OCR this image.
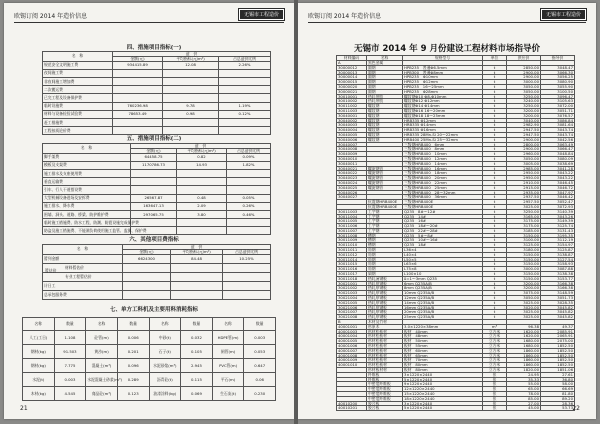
欧锡订阅 2014 年造价信息	无锡市工程造价
四、措施项目指标(一)
名　称	造　价		
	金额(元)	平均指标(元/m²)	占总造价比例
规范安全文明施工费	934415.89	12.08	2.26%
夜间施工费			
非夜间施工增加费			
二次搬运费			
已完工程及设备保护费			
临时设施费	760236.98	9.78	1.19%
材料与设备检验试验费	78653.49	0.98	0.12%
赶工措施费			
工程按质论价费			
五、措施项目指标(二)
名　称	造　价		
	金额(元)	平均指标(元/m²)	占总造价比例
脚手架费	64458.75	0.82	0.09%
模板及支架费	1170786.73	14.93	1.82%
施工排水及支座使用费			
垂直运输费			
引车、行人干道搭设费			
大型机械设备进场及安拆费	26567.87	0.48	0.05%
施工排水、降水费	163647.13	2.09	0.26%
围墙、洞头、道路、桥梁、防护维护费	297065.75	3.80	0.46%
临时施工措施费、防水工程，防潮、防裂设施完成保护费			
防盗及施工措施费、不能满负荷使用施工监管、监测、保护费			
六、其他项目费指标
名　称	造　价		
	金额(元)	平均指标(元/m²)	占总造价比例
暂列金额	6624300	84.48	10.25%
材料暂估价			
专业工程暂估价			
计日工			
总承包服务费			
七、单方工料机及主要用料消耗指标
名称	数量	名称	数量	名称	数量	名称	数量
人工(工日)	1.108	砼管(m)	0.006	中砂(t)	0.032	HDPE管(m)	0.003
钢材(kg)	91.503	黄沙(m)	0.201	石子(t)	0.105	闸管(m)	0.053
钢材(kg)	7.775	混凝土(m³)	0.096	水泥砂浆(m³)	2.945	PVC管(m)	0.647
水泥(t)	0.003	水泥混凝土砂浆(m³)	0.289	沥青砼(t)	0.115	平石(m)	0.06
木材(kg)	4.545	商品砼(m³)	0.123	油漆涂料(kg)	0.069	生石灰(t)	0.230
21
暂估价
欧锡订阅 2014 年造价信息	无锡市工程造价
无锡市 2014 年 9 月份建设工程材料市场指导价
材料编码	名称	规格型号	单位	供应价	指导价
A	黑色金属				
30000012	圆钢	HPB235　普通Φ6.5mm	t	2850.00	3048.47
30000013	圆钢	HPB300　普通Φ8mm	t	2900.00	3066.30
30000014	圆钢	HPB235　Φ10mm	t	2900.00	3056.25
30000015	圆钢	HPB235　Φ12mm	t	3000.00	3080.90
30000020	圆钢	HPB235　16～25mm	t	3050.00	3055.90
30000021	圆钢	HPB235　Φ28mm	t	3050.00	3100.50
30010001	热轧带肋	螺纹钢Φ10 Φ8-Φ10mm	t	3250.00	3096.47
30010002	热轧带肋	螺纹钢Φ12 Φ12mm	t	3240.00	3105.63
30011002	螺纹钢	螺纹钢Φ14 Φ14mm	t	3250.00	3072.00
30011003	螺纹钢	螺纹钢Φ16 16～20mm	t	3200.00	3051.71
30040001	螺纹钢	螺纹钢Φ18 18～25mm	t	3200.00	3076.57
30040002	螺纹钢	HRB335 Φ12mm	t	3040.00	3086.84
30040003	螺纹钢	HRB335 Φ14mm	t	2982.90	3081.64
30040004	螺纹钢	HRB335 Φ16mm	t	2947.50	3043.74
30040005	螺纹钢	HRB335 28Mn-Si 20～22mm	t	2947.50	3043.74
30040006	螺纹钢	HRB400 25Mn-Si 25～32mm	t	2900.00	3042.56
30040007		三级钢HRB400　6mm	t	2800.00	3063.49
30040008		三级钢HRB400　8mm	t	2900.00	3066.47
30040009		三级钢HRB400　10mm	t	2960.00	3048.84
30040010		三级钢HRB400　12mm	t	3050.00	3080.09
30040011		三级钢HRB400　14mm	t	3005.00	3038.69
30040021	螺旋钢管	三级钢HRB400　16mm	t	2985.00	3041.28
30040022	螺旋钢管	三级钢HRB400　18mm	t	2950.00	3043.22
30040023	螺旋钢管	三级钢HRB400　20mm	t	2950.00	3043.22
30040024	螺旋钢管	三级钢HRB400　22mm	t	2910.00	3046.45
30040025	螺旋钢管	三级钢HRB400　25mm	t	2915.00	3046.72
30040026		三级钢HRB400　28～32mm	t	2935.00	3047.97
30040027		三级钢HRB400　36mm	t	2937.50	3046.42
	抗震钢HRB400E	三级钢HRB400E	t	2957.50	3052.47
	抗震钢HRB400E	三级钢HRB400E	t	3025.00	3072.93
30011003	工字钢	Q235　8#～12#	t	3250.00	3140.39
30011004	工字钢	Q235　14#	t	3165.00	3043.26
30011005	工字钢	Q235　16#	t	3175.00	3149.39
30011006	工字钢	Q235　18#～20#	t	3175.00	3125.74
30011007	工字钢	Q235　22#～28#	t	3185.00	3131.43
30011008	槽钢	Q235　5#～8#	t	3150.00	3195.35
30011009	槽钢	Q235　10#～16#	t	3100.00	3112.19
30011010	槽钢	Q235　18#	t	3125.00	3154.97
30011011	角钢	L36×4	t	3180.00	3125.87
30011012	角钢	L40×4	t	3150.00	3138.87
30011014	角钢	L50×5	t	3150.00	3127.54
30011015	角钢	L63×6	t	3150.00	3158.93
30011016	角钢	L75×8	t	3000.00	3087.88
30011017	扁钢	L100×10	t	3150.00	3138.38
30011018	热轧薄钢板	δ=1～3mm Q235	t	3150.00	3153.77
30021001	热轧厚钢板	6mm Q235A/B	t	3200.00	3166.38
30021002	热轧厚钢板	8mm Q235A/B	t	3200.00	3166.38
30021003	热轧厚钢板	10mm Q235A/B	t	3075.00	3148.59
30021004	热轧厚钢板	12mm Q235A/B	t	3050.00	3051.73
30021005	热轧厚钢板	14mm Q235A/B	t	3025.00	3028.35
30021006	热轧厚钢板	16mm Q235A/B	t	3020.00	3045.82
30021007	热轧厚钢板	20mm Q235A/B	t	3025.00	3045.82
30021008	热轧厚钢板	25mm Q235A/B	t	3025.00	3045.82
B	木材及竹材				
40001001	杉原木	3.0×1220×38mm	m³	96.38	49.37
40001003	杉材松板材	板材　40mm	立方米	1620.00	2085.91
40001004	杉材松板材	板材　48mm	立方米	1620.00	2065.91
40001005	杉材松板材	板材　50mm	立方米	1680.00	2075.00
40001006	杉材松板材	板材　55mm	立方米	1680.00	1852.50
40001007	杉材松板材	板材　60mm	立方米	1860.00	1852.50
40001008	杉材松板材	板材　65mm	立方米	1860.00	1852.50
40001009	杉材松板材	板材　70mm	立方米	1860.00	1852.50
40001010	杉材松板材	板材　80mm	立方米	1860.00	1852.50
	杉材板材材	板材　80mm	立方米	1820.00	1851.06
	纤维板	3×1220×2440	张	24.95	27.61
	纤维板	5×1220×2440	张	35.33	36.80
	中密度纤维板	9×1220×2440	张	55.00	58.00
	中密度纤维板	12×1220×2440	张	65.00	66.69
	中密度纤维板	15×1220×2440	张	78.00	81.80
	中密度纤维板	18×1220×2440	张	85.00	89.20
40010200	胶合板	3×1220×2440	张	27.00	28.36
40010201	胶合板	5×1220×2440	张	45.00	53.73 22
